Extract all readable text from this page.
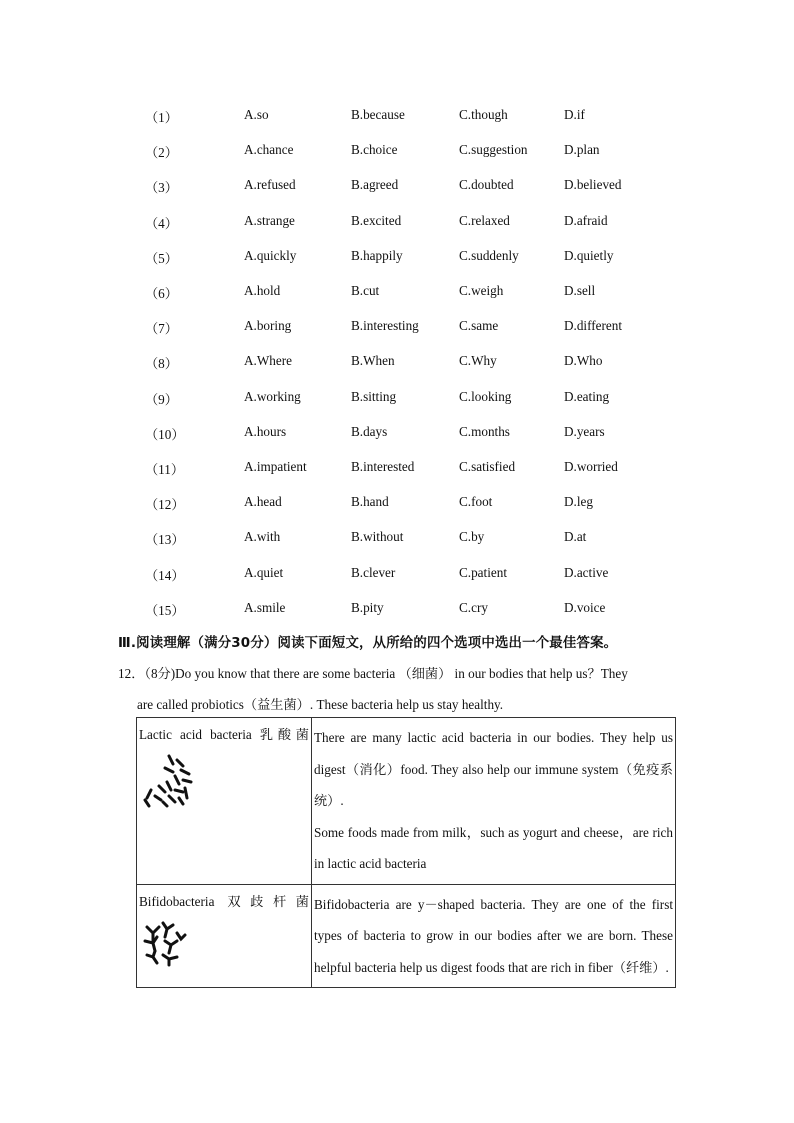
（1）	A.so	B.because	C.though	D.if
（2）	A.chance	B.choice	C.suggestion	D.plan
（3）	A.refused	B.agreed	C.doubted	D.believed
（4）	A.strange	B.excited	C.relaxed	D.afraid
（5）	A.quickly	B.happily	C.suddenly	D.quietly
（6）	A.hold	B.cut	C.weigh	D.sell
（7）	A.boring	B.interesting	C.same	D.different
（8）	A.Where	B.When	C.Why	D.Who
（9）	A.working	B.sitting	C.looking	D.eating
（10）	A.hours	B.days	C.months	D.years
（11）	A.impatient	B.interested	C.satisfied	D.worried
（12）	A.head	B.hand	C.foot	D.leg
（13）	A.with	B.without	C.by	D.at
（14）	A.quiet	B.clever	C.patient	D.active
（15）	A.smile	B.pity	C.cry	D.voice
Ⅲ.阅读理解（满分30分）阅读下面短文，从所给的四个选项中选出一个最佳答案。
12．（8分)Do you know that there are some bacteria （细菌） in our bodies that help us？They
are called probiotics（益生菌）. These bacteria help us stay healthy.
Lactic acid bacteria 乳酸菌	There are many lactic acid bacteria in our bodies. They help us digest（消化）food. They also help our immune system（免疫系统）.
Some foods made from milk，such as yogurt and cheese，are rich in lactic acid bacteria

Bifidobacteria 双歧杆菌	Bifidobacteria are y－shaped bacteria. They are one of the first types of bacteria to grow in our bodies after we are born. These helpful bacteria help us digest foods that are rich in fiber（纤维）.
